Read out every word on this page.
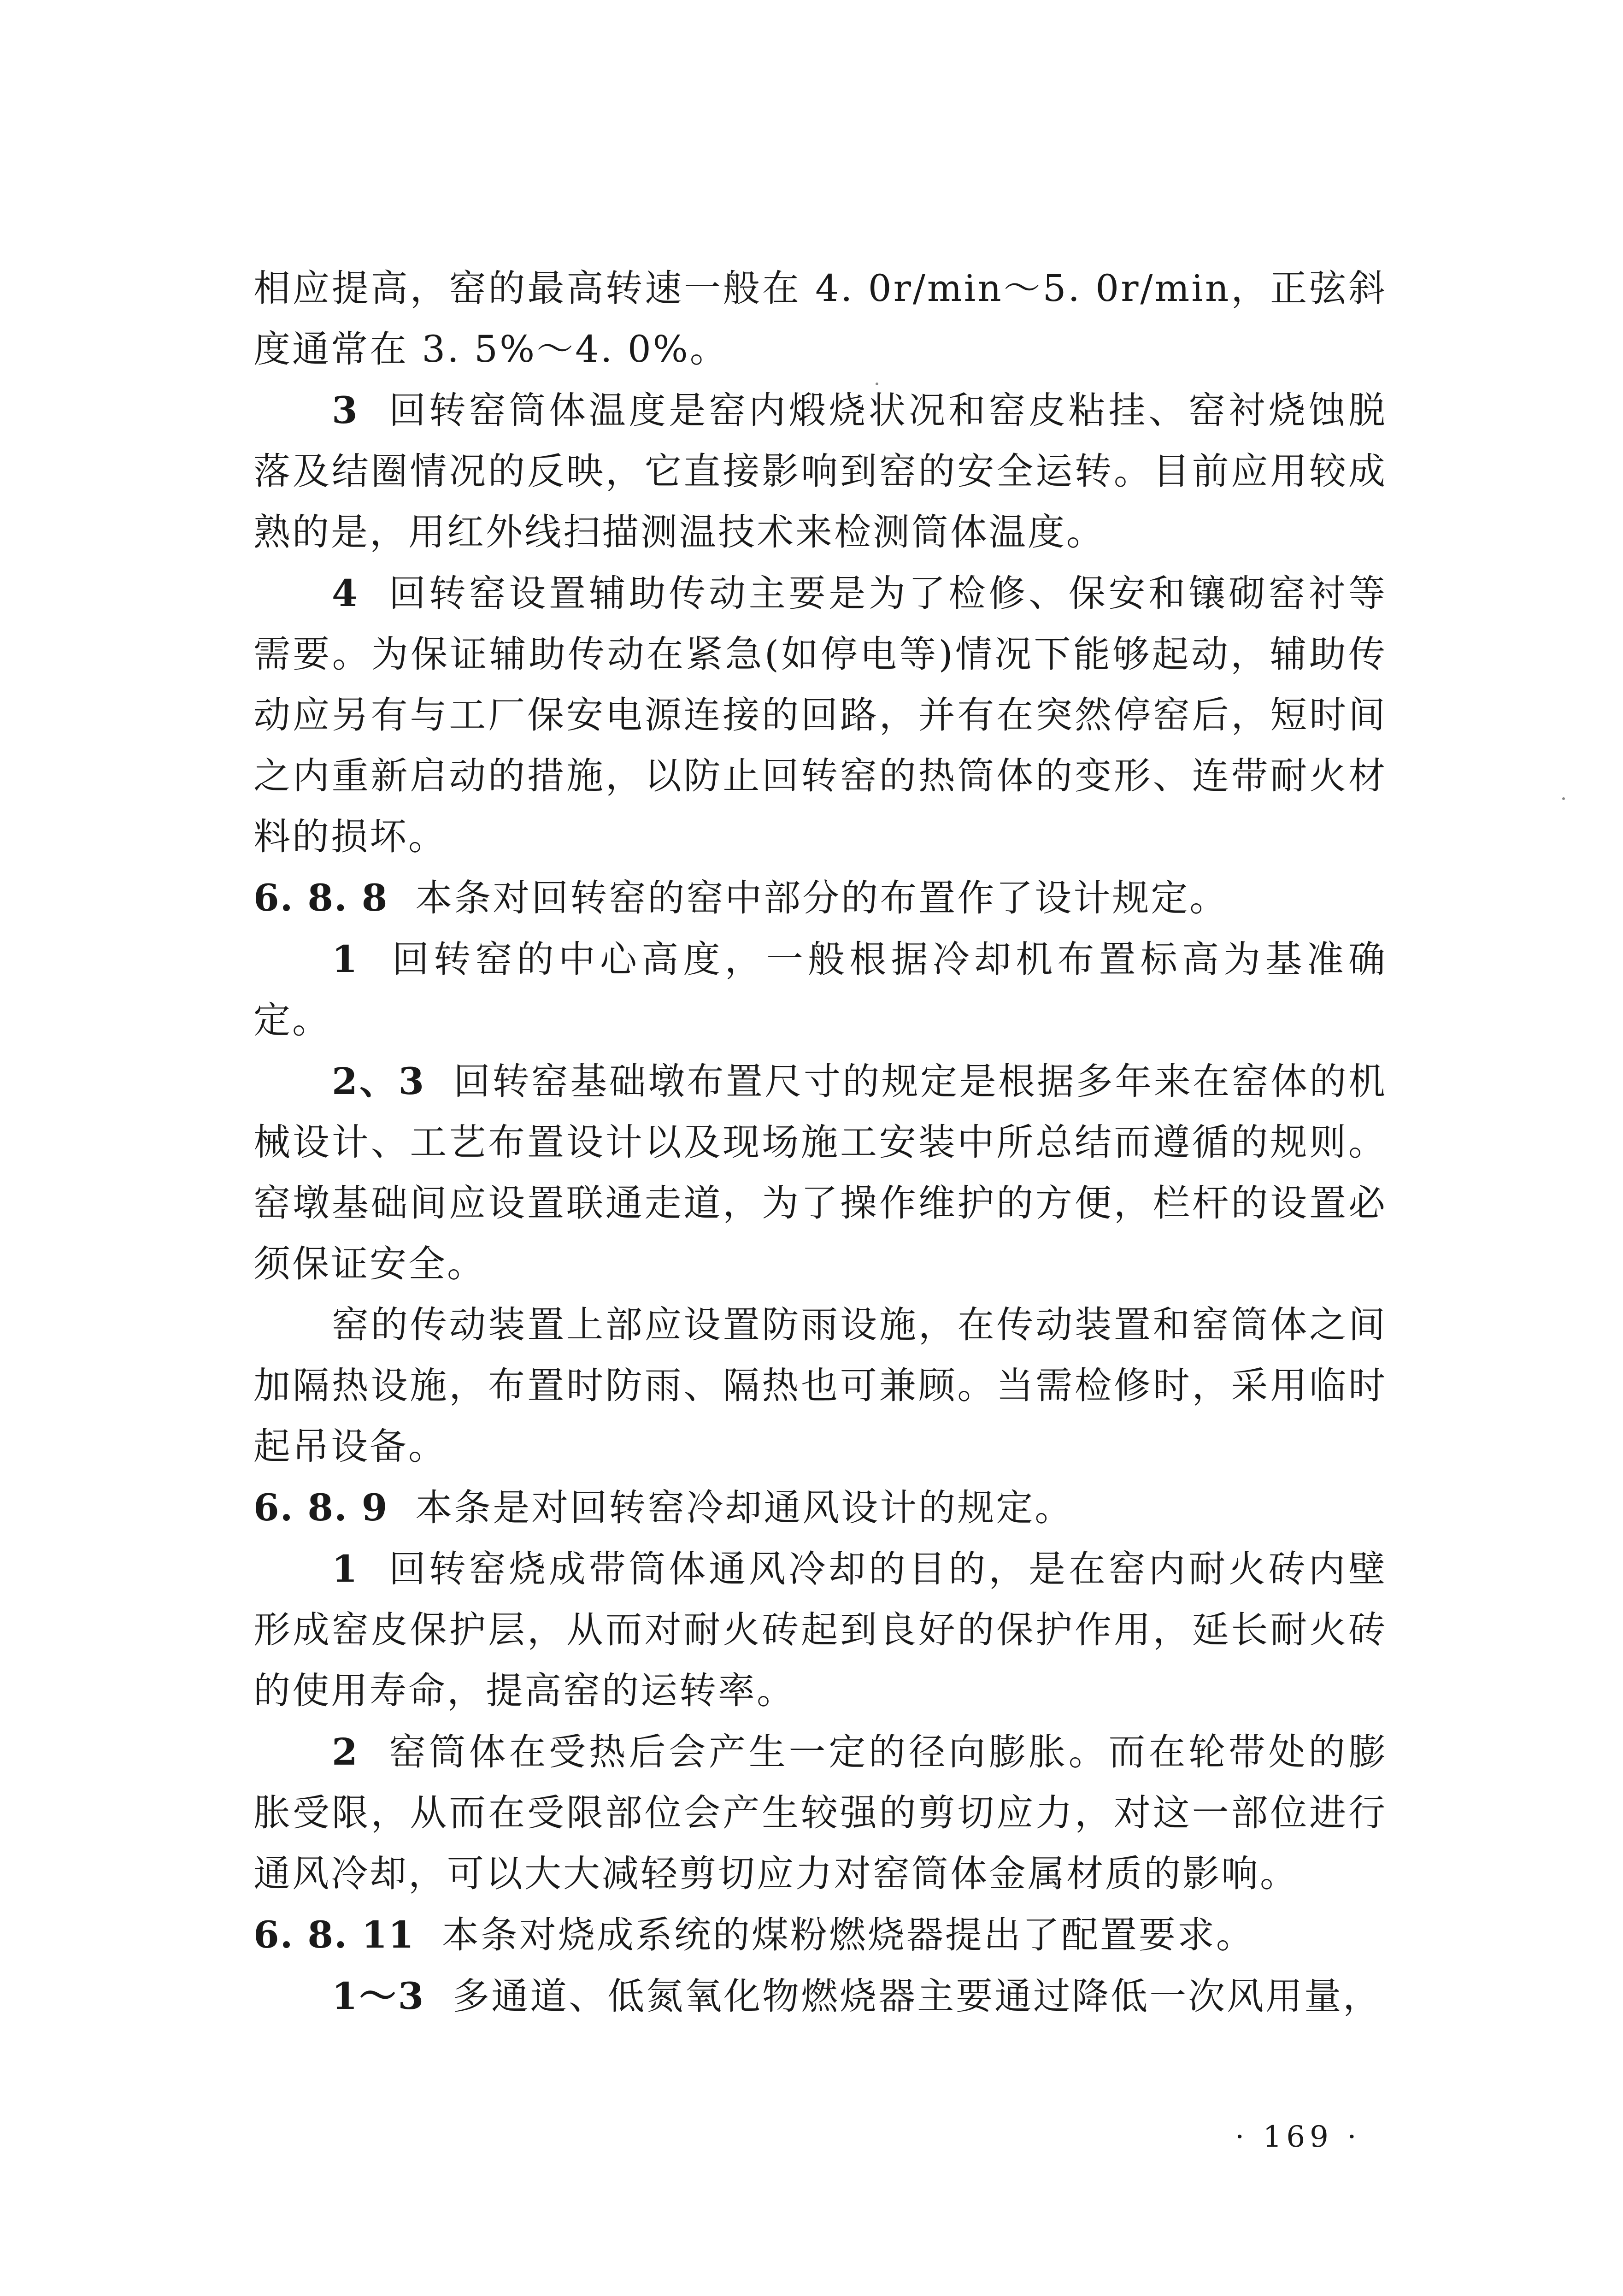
相应提高，窑的最高转速一般在 4. 0r/min～5. 0r/min，正弦斜度通常在 3. 5%～4. 0%。

3 回转窑筒体温度是窑内煅烧状况和窑皮粘挂、窑衬烧蚀脱落及结圈情况的反映，它直接影响到窑的安全运转。目前应用较成熟的是，用红外线扫描测温技术来检测筒体温度。

4 回转窑设置辅助传动主要是为了检修、保安和镶砌窑衬等需要。为保证辅助传动在紧急(如停电等)情况下能够起动，辅助传动应另有与工厂保安电源连接的回路，并有在突然停窑后，短时间之内重新启动的措施，以防止回转窑的热筒体的变形、连带耐火材料的损坏。

6. 8. 8 本条对回转窑的窑中部分的布置作了设计规定。

1 回转窑的中心高度，一般根据冷却机布置标高为基准确定。

2、3 回转窑基础墩布置尺寸的规定是根据多年来在窑体的机械设计、工艺布置设计以及现场施工安装中所总结而遵循的规则。窑墩基础间应设置联通走道，为了操作维护的方便，栏杆的设置必须保证安全。

窑的传动装置上部应设置防雨设施，在传动装置和窑筒体之间加隔热设施，布置时防雨、隔热也可兼顾。当需检修时，采用临时起吊设备。

6. 8. 9 本条是对回转窑冷却通风设计的规定。

1 回转窑烧成带筒体通风冷却的目的，是在窑内耐火砖内壁形成窑皮保护层，从而对耐火砖起到良好的保护作用，延长耐火砖的使用寿命，提高窑的运转率。

2 窑筒体在受热后会产生一定的径向膨胀。而在轮带处的膨胀受限，从而在受限部位会产生较强的剪切应力，对这一部位进行通风冷却，可以大大减轻剪切应力对窑筒体金属材质的影响。

6. 8. 11 本条对烧成系统的煤粉燃烧器提出了配置要求。

1～3 多通道、低氮氧化物燃烧器主要通过降低一次风用量，

· 169 ·
